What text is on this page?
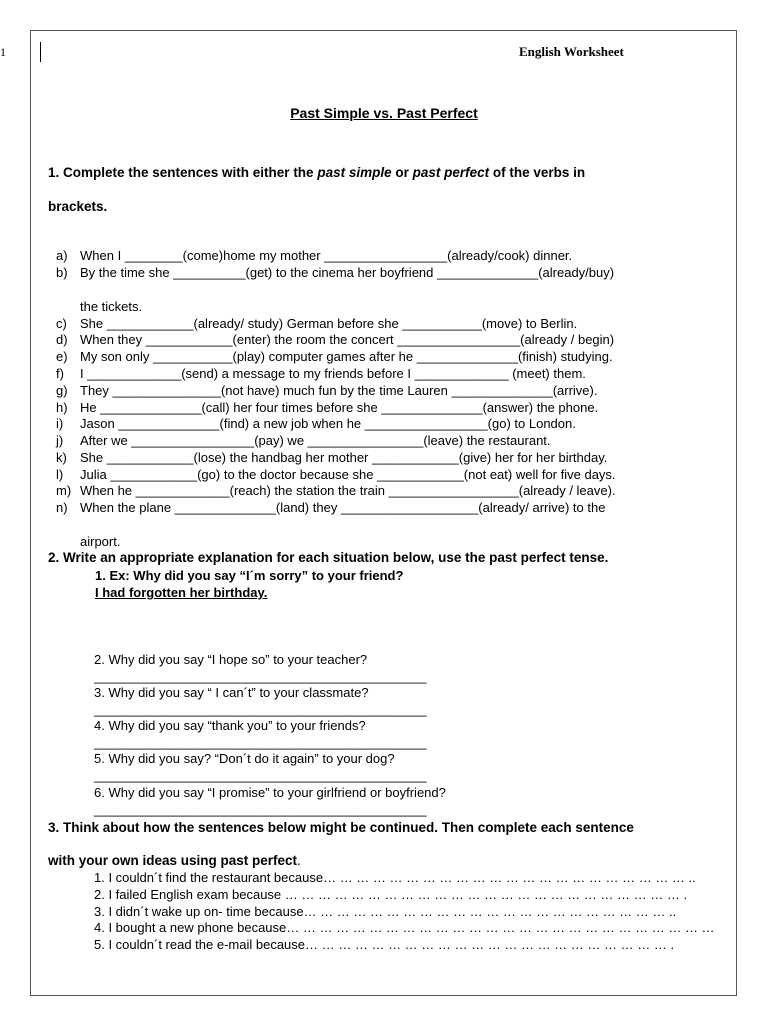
1	English Worksheet
Past Simple vs. Past Perfect
1. Complete the sentences with either the past simple or past perfect of the verbs in
brackets.
a) When I ________(come)home my mother _________________(already/cook) dinner.
b) By the time she __________(get) to the cinema her boyfriend ______________(already/buy)
the tickets.
c) She ____________(already/ study) German before she ___________(move) to Berlin.
d) When they ____________(enter) the room the concert _________________(already / begin)
e) My son only ___________(play) computer games after he ______________(finish) studying.
f) I _____________(send) a message to my friends before I _____________ (meet) them.
g) They _______________(not have) much fun by the time Lauren ______________(arrive).
h) He ______________(call) her four times before she ______________(answer) the phone.
i) Jason ______________(find) a new job when he _________________(go) to London.
j) After we _________________(pay) we ________________(leave) the restaurant.
k) She ____________(lose) the handbag her mother ____________(give) her for her birthday.
l) Julia ____________(go) to the doctor because she ____________(not eat) well for five days.
m) When he _____________(reach) the station the train __________________(already / leave).
n) When the plane ______________(land) they ___________________(already/ arrive) to the
airport.
2. Write an appropriate explanation for each situation below, use the past perfect tense.
1. Ex: Why did you say “I´m sorry” to your friend?
I had forgotten her birthday.
2. Why did you say “I hope so” to your teacher?
______________________________________________
3. Why did you say “ I can´t” to your classmate?
______________________________________________
4. Why did you say “thank you” to your friends?
______________________________________________
5. Why did you say? “Don´t do it again” to your dog?
______________________________________________
6. Why did you say “I promise” to your girlfriend or boyfriend?
______________________________________________
3. Think about how the sentences below might be continued. Then complete each sentence
with your own ideas using past perfect.
1. I couldn´t find the restaurant because… … … … … … … … … … … … … … … … … … … … … … ..
2. I failed English exam because … … … … … … … … … … … … … … … … … … … … … … … … .
3. I didn´t wake up on- time because… … … … … … … … … … … … … … … … … … … … … … ..
4. I bought a new phone because… … … … … … … … … … … … … … … … … … … … … … … … … …
5. I couldn´t read the e-mail because… … … … … … … … … … … … … … … … … … … … … … .
